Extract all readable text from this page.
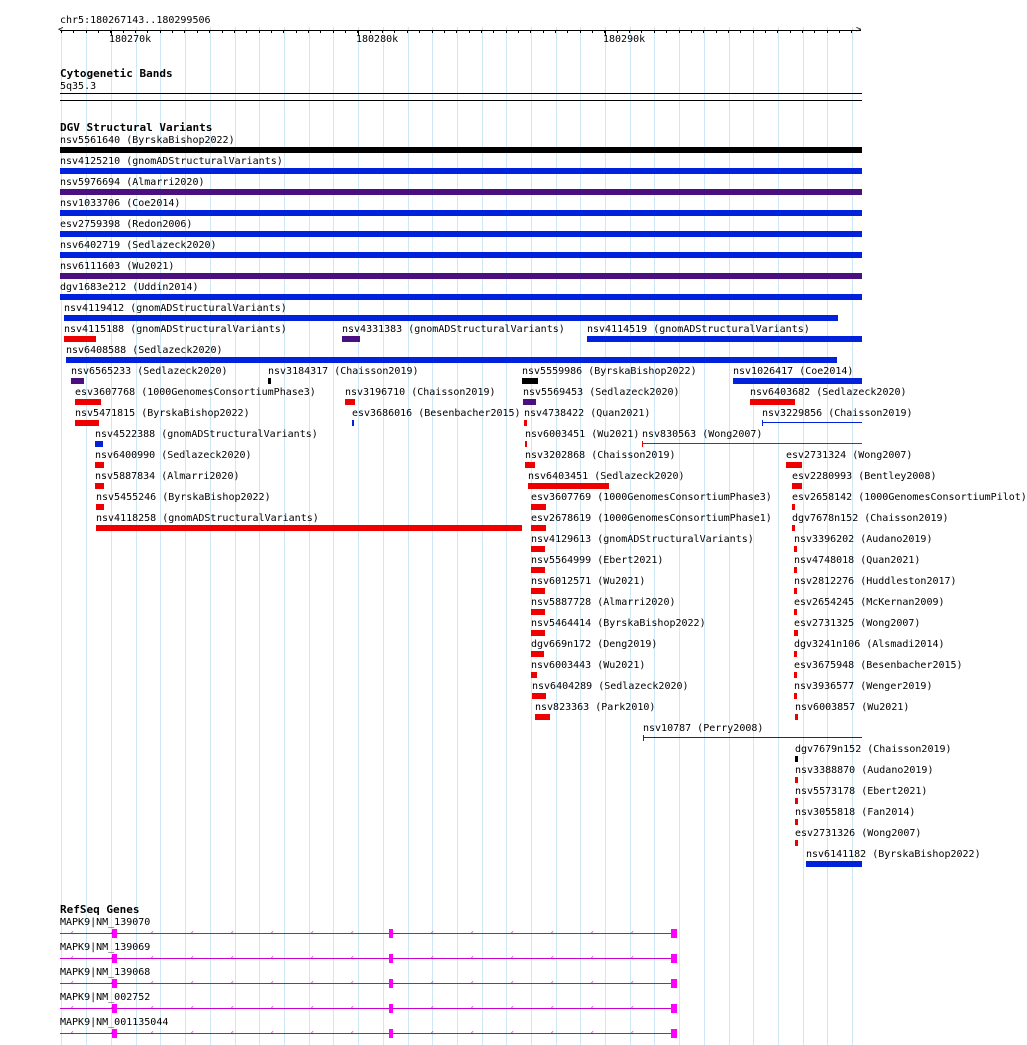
chr5:180267143..180299506
180270k	180280k	180290k
<	>
Cytogenetic Bands
5q35.3
DGV Structural Variants
nsv5561640 (ByrskaBishop2022)
nsv4125210 (gnomADStructuralVariants)
nsv5976694 (Almarri2020)
nsv1033706 (Coe2014)
esv2759398 (Redon2006)
nsv6402719 (Sedlazeck2020)
nsv6111603 (Wu2021)
dgv1683e212 (Uddin2014)
nsv4119412 (gnomADStructuralVariants)
nsv4115188 (gnomADStructuralVariants)	nsv4331383 (gnomADStructuralVariants) nsv4114519 (gnomADStructuralVariants)
nsv6408588 (Sedlazeck2020)
nsv6565233 (Sedlazeck2020)	nsv3184317 (Chaisson2019)	nsv5559986 (ByrskaBishop2022)	nsv1026417 (Coe2014)
esv3607768 (1000GenomesConsortiumPhase3)	nsv3196710 (Chaisson2019)	nsv5569453 (Sedlazeck2020)	nsv6403682 (Sedlazeck2020)
nsv5471815 (ByrskaBishop2022)	esv3686016 (Besenbacher2015) nsv4738422 (Quan2021)	nsv3229856 (Chaisson2019)
nsv4522388 (gnomADStructuralVariants)	nsv6003451 (Wu2021) nsv830563 (Wong2007)
nsv6400990 (Sedlazeck2020)	nsv3202868 (Chaisson2019)	esv2731324 (Wong2007)
nsv5887834 (Almarri2020)	nsv6403451 (Sedlazeck2020)	esv2280993 (Bentley2008)
nsv5455246 (ByrskaBishop2022)	esv3607769 (1000GenomesConsortiumPhase3) esv2658142 (1000GenomesConsortiumPilot)
nsv4118258 (gnomADStructuralVariants)	esv2678619 (1000GenomesConsortiumPhase1) dgv7678n152 (Chaisson2019)
nsv4129613 (gnomADStructuralVariants)	nsv3396202 (Audano2019)
nsv5564999 (Ebert2021)	nsv4748018 (Quan2021)
nsv6012571 (Wu2021)	nsv2812276 (Huddleston2017)
nsv5887728 (Almarri2020)	esv2654245 (McKernan2009)
nsv5464414 (ByrskaBishop2022)	esv2731325 (Wong2007)
dgv669n172 (Deng2019)	dgv3241n106 (Alsmadi2014)
nsv6003443 (Wu2021)	esv3675948 (Besenbacher2015)
nsv6404289 (Sedlazeck2020)	nsv3936577 (Wenger2019)
nsv823363 (Park2010)	nsv6003857 (Wu2021)
nsv10787 (Perry2008)
dgv7679n152 (Chaisson2019)
nsv3388870 (Audano2019)
nsv5573178 (Ebert2021)
nsv3055818 (Fan2014)
esv2731326 (Wong2007)
nsv6141182 (ByrskaBishop2022)
RefSeq Genes
MAPK9|NM_139070
‹	‹	‹	‹	‹	‹	‹	‹	‹	‹	‹	‹	‹	‹	‹
MAPK9|NM_139069
‹	‹	‹	‹	‹	‹	‹	‹	‹	‹	‹	‹	‹	‹	‹
MAPK9|NM_139068
‹	‹	‹	‹	‹	‹	‹	‹	‹	‹	‹	‹	‹	‹	‹
MAPK9|NM_002752
‹	‹	‹	‹	‹	‹	‹	‹	‹	‹	‹	‹	‹	‹	‹
MAPK9|NM_001135044
‹	‹	‹	‹	‹	‹	‹	‹	‹	‹	‹	‹	‹	‹	‹
